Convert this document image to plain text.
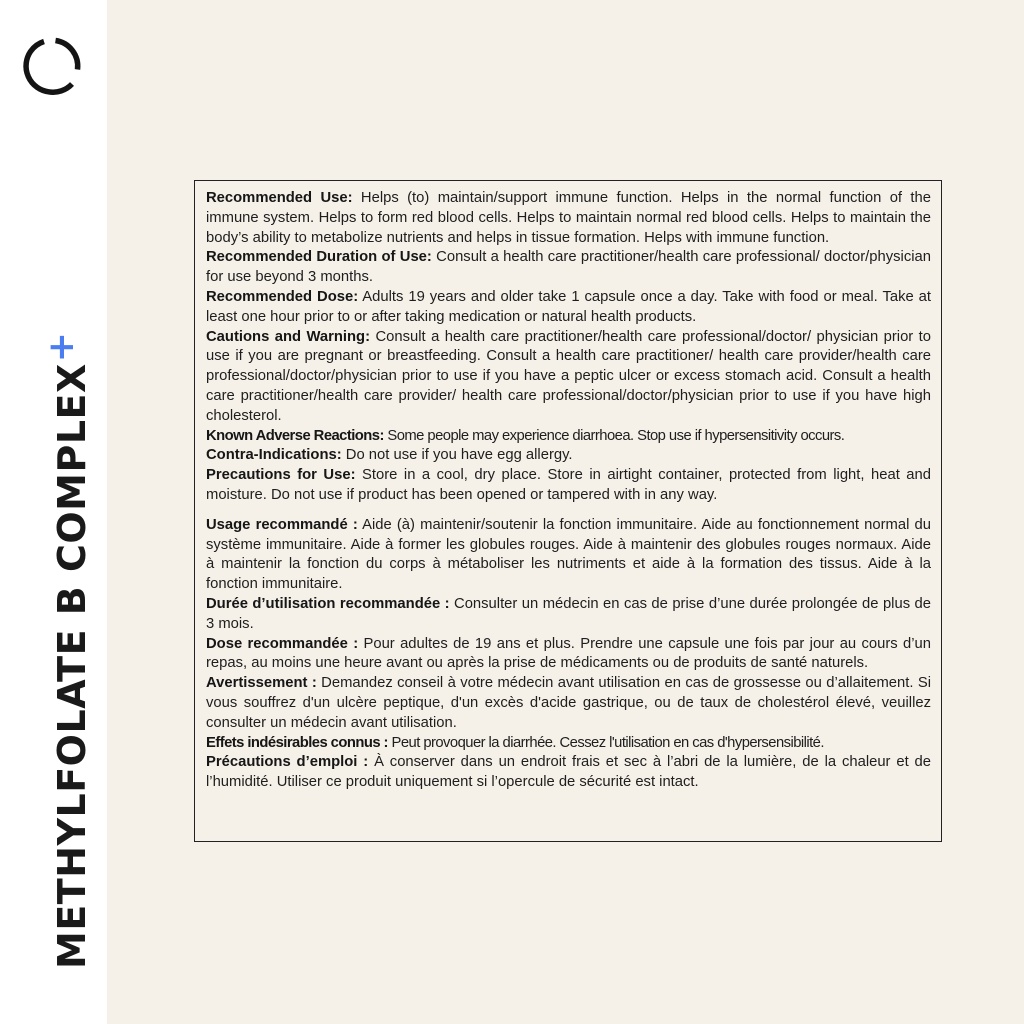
METHYLFOLATE B COMPLEX+

Recommended Use: Helps (to) maintain/support immune function. Helps in the normal function of the immune system. Helps to form red blood cells. Helps to maintain normal red blood cells. Helps to maintain the body’s ability to metabolize nutrients and helps in tissue formation. Helps with immune function.

Recommended Duration of Use: Consult a health care practitioner/health care professional/ doctor/physician for use beyond 3 months.

Recommended Dose: Adults 19 years and older take 1 capsule once a day. Take with food or meal. Take at least one hour prior to or after taking medication or natural health products.

Cautions and Warning: Consult a health care practitioner/health care professional/doctor/ physician prior to use if you are pregnant or breastfeeding. Consult a health care practitioner/ health care provider/health care professional/doctor/physician prior to use if you have a peptic ulcer or excess stomach acid. Consult a health care practitioner/health care provider/ health care professional/doctor/physician prior to use if you have high cholesterol.

Known Adverse Reactions: Some people may experience diarrhoea. Stop use if hypersensitivity occurs.

Contra-Indications: Do not use if you have egg allergy.

Precautions for Use: Store in a cool, dry place. Store in airtight container, protected from light, heat and moisture. Do not use if product has been opened or tampered with in any way.

Usage recommandé : Aide (à) maintenir/soutenir la fonction immunitaire. Aide au fonctionnement normal du système immunitaire. Aide à former les globules rouges. Aide à maintenir des globules rouges normaux. Aide à maintenir la fonction du corps à métaboliser les nutriments et aide à la formation des tissus. Aide à la fonction immunitaire.

Durée d’utilisation recommandée : Consulter un médecin en cas de prise d’une durée prolongée de plus de 3 mois.

Dose recommandée : Pour adultes de 19 ans et plus. Prendre une capsule une fois par jour au cours d’un repas, au moins une heure avant ou après la prise de médicaments ou de produits de santé naturels.

Avertissement : Demandez conseil à votre médecin avant utilisation en cas de grossesse ou d’allaitement. Si vous souffrez d'un ulcère peptique, d'un excès d'acide gastrique, ou de taux de cholestérol élevé, veuillez consulter un médecin avant utilisation.

Effets indésirables connus : Peut provoquer la diarrhée. Cessez l'utilisation en cas d'hypersensibilité.

Précautions d’emploi : À conserver dans un endroit frais et sec à l’abri de la lumière, de la chaleur et de l’humidité. Utiliser ce produit uniquement si l’opercule de sécurité est intact.
